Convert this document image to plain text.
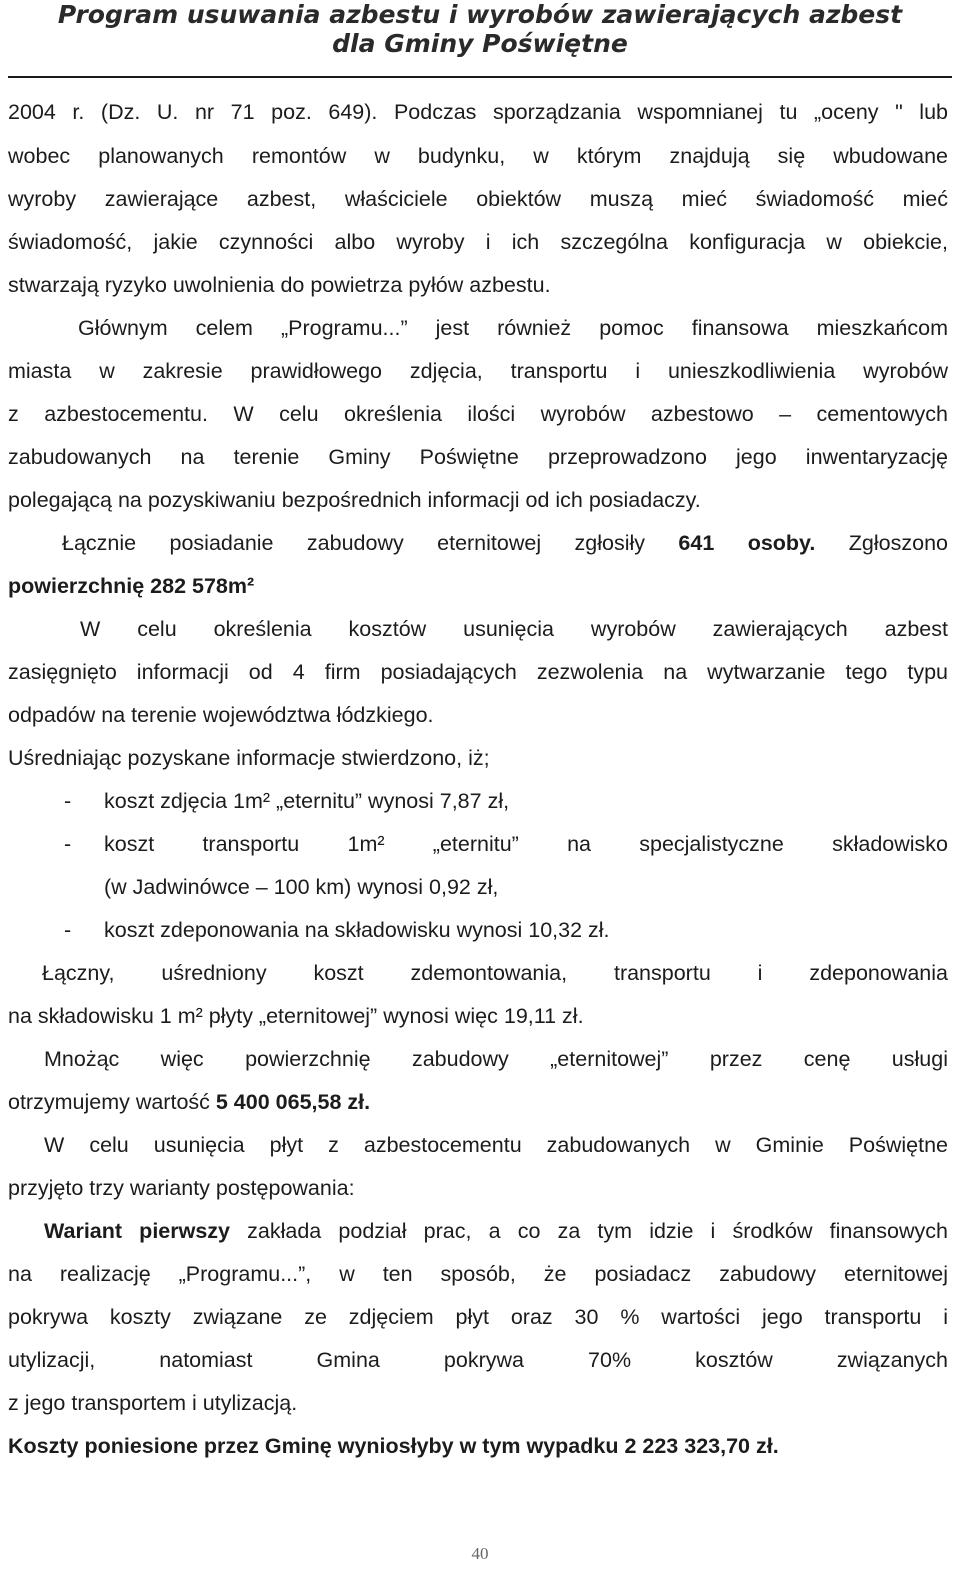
Program usuwania azbestu i wyrobów zawierających azbest
dla Gminy Poświętne
2004 r. (Dz. U. nr 71 poz. 649). Podczas sporządzania wspomnianej tu „oceny " lub
wobec planowanych remontów w budynku, w którym znajdują się wbudowane
wyroby zawierające azbest, właściciele obiektów muszą mieć świadomość mieć
świadomość, jakie czynności albo wyroby i ich szczególna konfiguracja w obiekcie,
stwarzają ryzyko uwolnienia do powietrza pyłów azbestu.
Głównym celem „Programu...” jest również pomoc finansowa mieszkańcom
miasta w zakresie prawidłowego zdjęcia, transportu i unieszkodliwienia wyrobów
z azbestocementu. W celu określenia ilości wyrobów azbestowo – cementowych
zabudowanych na terenie Gminy Poświętne przeprowadzono jego inwentaryzację
polegającą na pozyskiwaniu bezpośrednich informacji od ich posiadaczy.
Łącznie posiadanie zabudowy eternitowej zgłosiły 641 osoby. Zgłoszono
powierzchnię 282 578m²
W celu określenia kosztów usunięcia wyrobów zawierających azbest
zasięgnięto informacji od 4 firm posiadających zezwolenia na wytwarzanie tego typu
odpadów na terenie województwa łódzkiego.
Uśredniając pozyskane informacje stwierdzono, iż;
-	koszt zdjęcia 1m² „eternitu” wynosi 7,87 zł,
-	koszt transportu 1m² „eternitu” na specjalistyczne składowisko
(w Jadwinówce – 100 km) wynosi 0,92 zł,
-	koszt zdeponowania na składowisku wynosi 10,32 zł.
Łączny, uśredniony koszt zdemontowania, transportu i zdeponowania
na składowisku 1 m² płyty „eternitowej” wynosi więc 19,11 zł.
Mnożąc więc powierzchnię zabudowy „eternitowej” przez cenę usługi
otrzymujemy wartość 5 400 065,58 zł.
W celu usunięcia płyt z azbestocementu zabudowanych w Gminie Poświętne
przyjęto trzy warianty postępowania:
Wariant pierwszy zakłada podział prac, a co za tym idzie i środków finansowych
na realizację „Programu...”, w ten sposób, że posiadacz zabudowy eternitowej
pokrywa koszty związane ze zdjęciem płyt oraz 30 % wartości jego transportu i
utylizacji, natomiast Gmina pokrywa 70% kosztów związanych
z jego transportem i utylizacją.
Koszty poniesione przez Gminę wyniosłyby w tym wypadku 2 223 323,70 zł.
40
